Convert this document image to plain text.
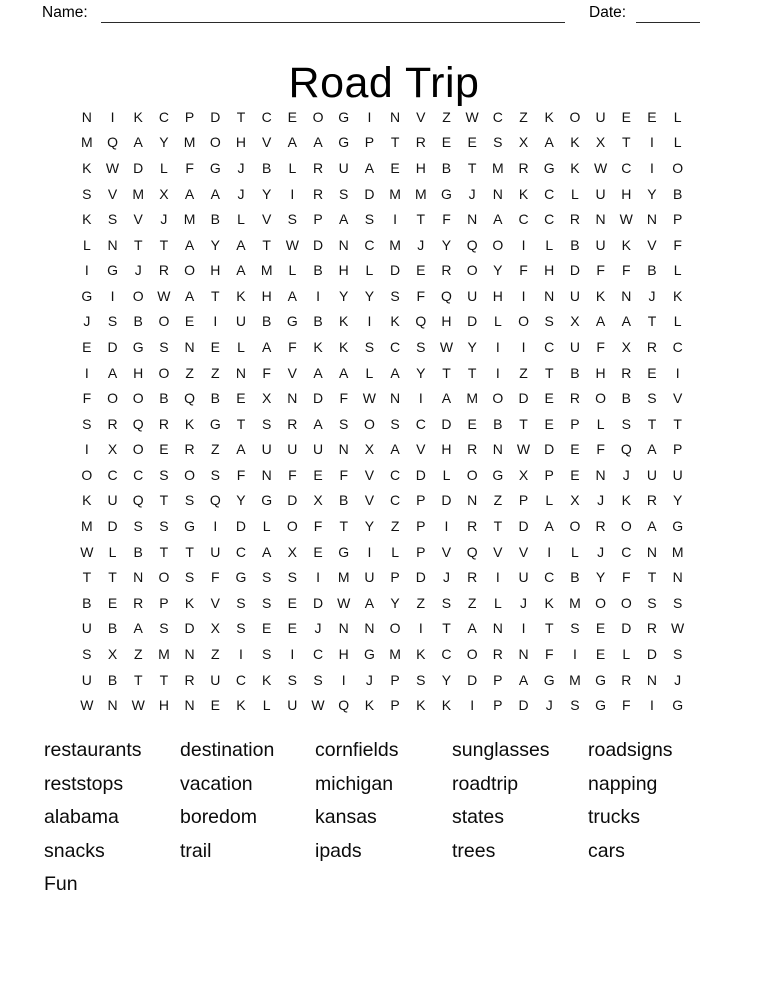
Name:	Date:
Road Trip
N	I	K	C	P	D	T	C	E	O	G	I	N	V	Z	W	C	Z	K	O	U	E	E	L
M	Q	A	Y	M	O	H	V	A	A	G	P	T	R	E	E	S	X	A	K	X	T	I	L
K	W	D	L	F	G	J	B	L	R	U	A	E	H	B	T	M	R	G	K	W	C	I	O
S	V	M	X	A	A	J	Y	I	R	S	D	M	M	G	J	N	K	C	L	U	H	Y	B
K	S	V	J	M	B	L	V	S	P	A	S	I	T	F	N	A	C	C	R	N	W	N	P
L	N	T	T	A	Y	A	T	W	D	N	C	M	J	Y	Q	O	I	L	B	U	K	V	F
I	G	J	R	O	H	A	M	L	B	H	L	D	E	R	O	Y	F	H	D	F	F	B	L
G	I	O W	A	T	K	H	A	I	Y	Y	S	F	Q	U	H	I	N	U	K	N	J	K
J	S	B	O	E	I	U	B	G	B	K	I	K	Q	H	D	L	O	S	X	A	A	T	L
E	D	G	S	N	E	L	A	F	K	K	S	C	S	W	Y	I	I	C	U	F	X	R	C
I	A	H	O	Z	Z	N	F	V	A	A	L	A	Y	T	T	I	Z	T	B	H	R	E	I
F	O	O	B	Q	B	E	X	N	D	F	W	N	I	A	M	O	D	E	R	O	B	S	V
S	R	Q	R	K	G	T	S	R	A	S	O	S	C	D	E	B	T	E	P	L	S	T	T
I	X	O	E	R	Z	A	U	U	U	N	X	A	V	H	R	N	W	D	E	F	Q	A	P
O	C	C	S	O	S	F	N	F	E	F	V	C	D	L	O	G	X	P	E	N	J	U	U
K	U	Q	T	S	Q	Y	G	D	X	B	V	C	P	D	N	Z	P	L	X	J	K	R	Y
M	D	S	S	G	I	D	L	O	F	T	Y	Z	P	I	R	T	D	A	O	R	O	A	G
W	L	B	T	T	U	C	A	X	E	G	I	L	P	V	Q	V	V	I	L	J	C	N	M
T	T	N	O	S	F	G	S	S	I	M	U	P	D	J	R	I	U	C	B	Y	F	T	N
B	E	R	P	K	V	S	S	E	D	W	A	Y	Z	S	Z	L	J	K	M	O	O	S	S
U	B	A	S	D	X	S	E	E	J	N	N	O	I	T	A	N	I	T	S	E	D	R	W
S	X	Z	M	N	Z	I	S	I	C	H	G	M	K	C	O	R	N	F	I	E	L	D	S
U	B	T	T	R	U	C	K	S	S	I	J	P	S	Y	D	P	A	G	M	G	R	N	J
W	N	W	H	N	E	K	L	U	W Q	K	P	K	K	I	P	D	J	S	G	F	I	G
restaurants	destination	cornfields	sunglasses	roadsigns
reststops	vacation	michigan	roadtrip	napping
alabama	boredom	kansas	states	trucks
snacks	trail	ipads	trees	cars
Fun
